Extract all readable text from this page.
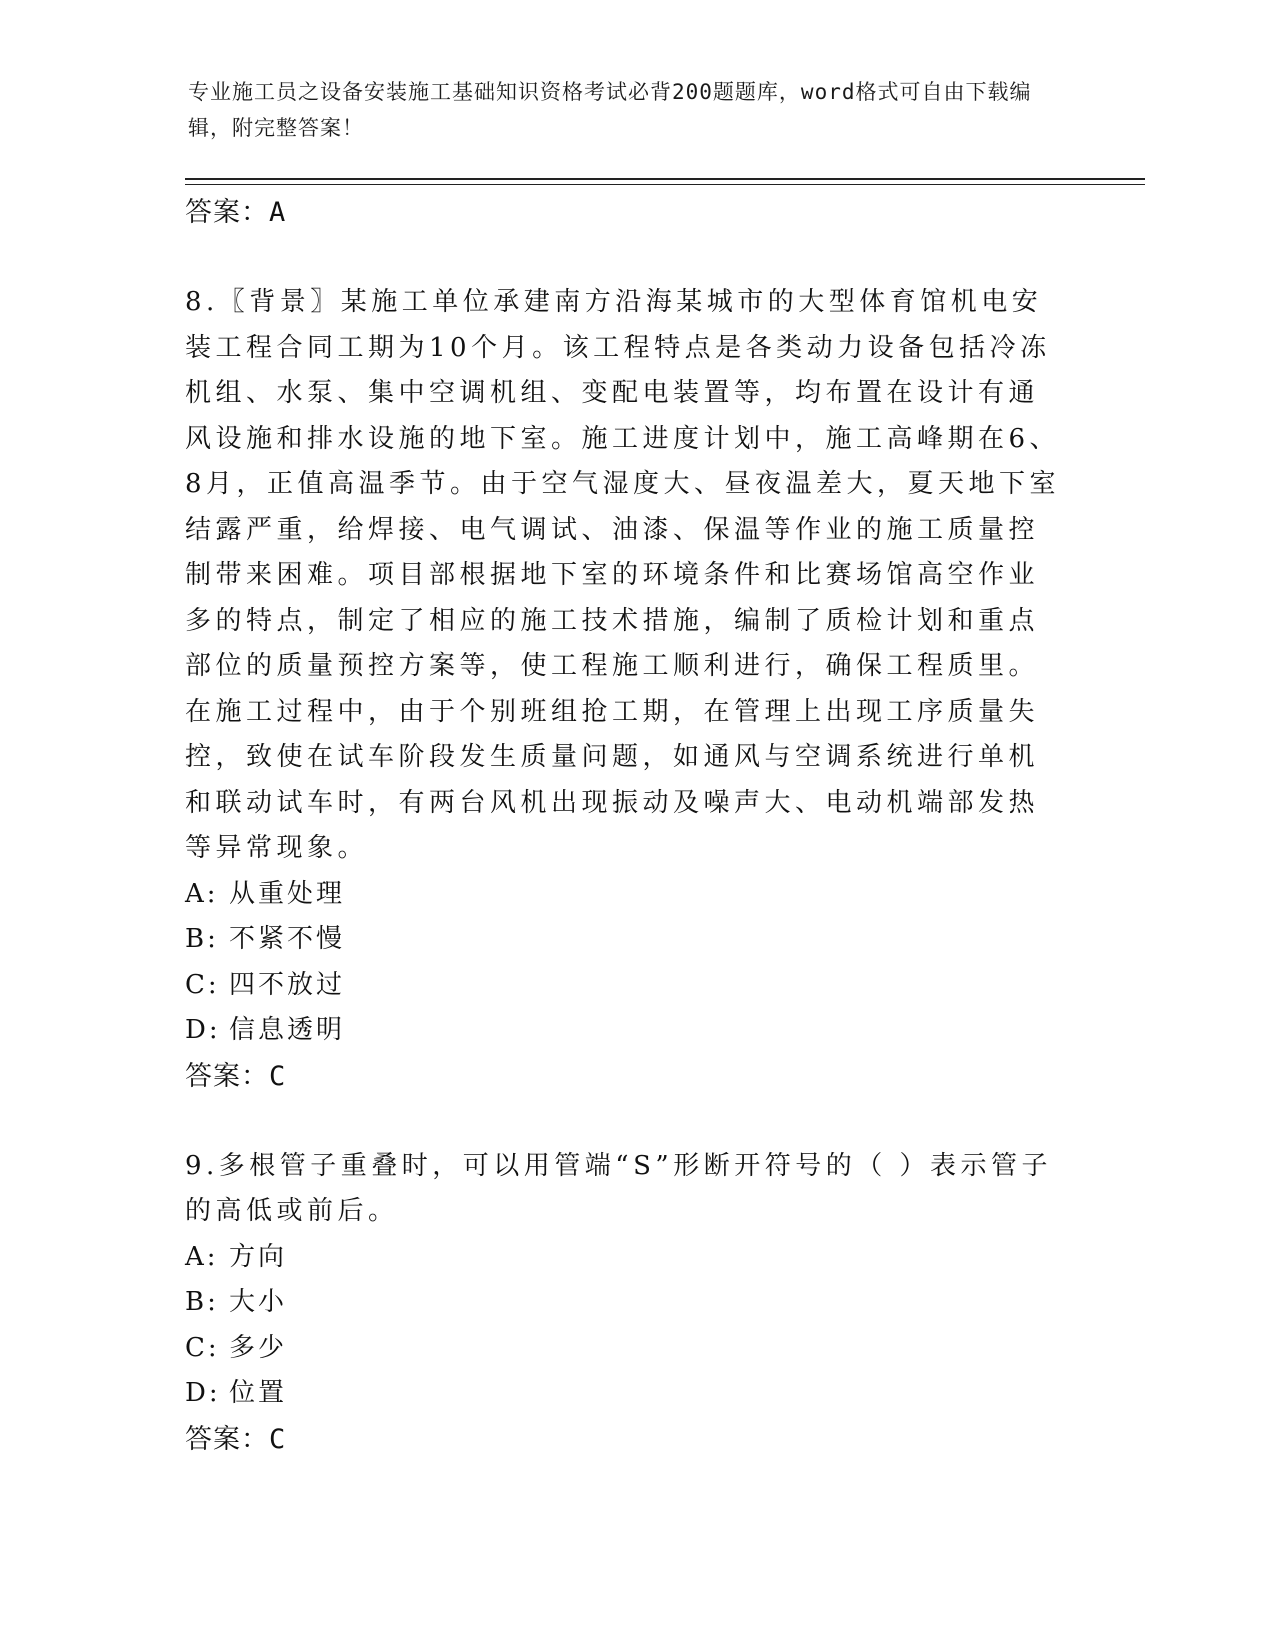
专业施工员之设备安装施工基础知识资格考试必背200题题库，word格式可自由下载编辑，附完整答案！
答案：A

8.〖背景〗某施工单位承建南方沿海某城市的大型体育馆机电安装工程合同工期为10个月。该工程特点是各类动力设备包括冷冻机组、水泵、集中空调机组、变配电装置等，均布置在设计有通风设施和排水设施的地下室。施工进度计划中，施工高峰期在6、8月，正值高温季节。由于空气湿度大、昼夜温差大，夏天地下室结露严重，给焊接、电气调试、油漆、保温等作业的施工质量控制带来困难。项目部根据地下室的环境条件和比赛场馆高空作业多的特点，制定了相应的施工技术措施，编制了质检计划和重点部位的质量预控方案等，使工程施工顺利进行，确保工程质里。在施工过程中，由于个别班组抢工期，在管理上出现工序质量失控，致使在试车阶段发生质量问题，如通风与空调系统进行单机和联动试车时，有两台风机出现振动及噪声大、电动机端部发热等异常现象。

A: 从重处理
B: 不紧不慢
C: 四不放过
D: 信息透明
答案：C

9.多根管子重叠时，可以用管端“S”形断开符号的（ ）表示管子的高低或前后。

A: 方向
B: 大小
C: 多少
D: 位置
答案：C
